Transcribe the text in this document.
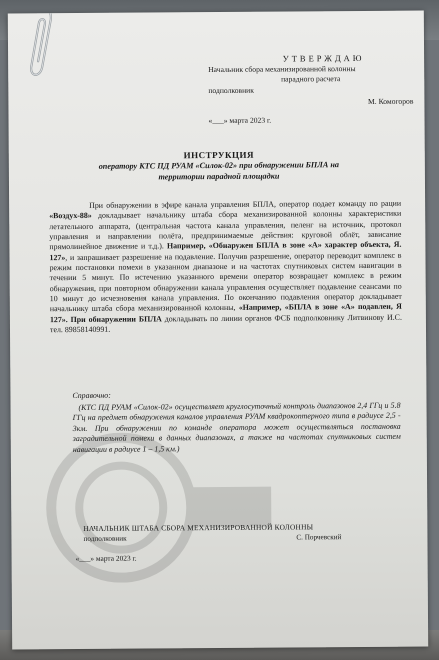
УТВЕРЖДАЮ
Начальник сбора механизированной колонны
парадного расчета
подполковник
М. Комогоров
«___» марта 2023 г.
ИНСТРУКЦИЯ
оператору КТС ПД РУАМ «Силок-02» при обнаружении БПЛА на
территории парадной площадки
При обнаружении в эфире канала управления БПЛА, оператор подает команду по рации «Воздух-88» докладывает начальнику штаба сбора механизированной колонны характеристики летательного аппарата, (центральная частота канала управления, пеленг на источник, протокол управления и направлении полёта, предпринимаемые действия: круговой облёт, зависание прямолинейное движение и т.д.). Например, «Обнаружен БПЛА в зоне «А» характер объекта, Я. 127», и запрашивает разрешение на подавление. Получив разрешение, оператор переводит комплекс в режим постановки помехи в указанном диапазоне и на частотах спутниковых систем навигации в течении 5 минут. По истечению указанного времени оператор возвращает комплекс в режим обнаружения, при повторном обнаружении канала управления осуществляет подавление сеансами по 10 минут до исчезновения канала управления. По окончанию подавления оператор докладывает начальнику штаба сбора механизированной колонны, «Например, «БПЛА в зоне «А» подавлен, Я 127». При обнаружении БПЛА докладывать по линии органов ФСБ подполковнику Литвинову И.С. тел. 89858140991.
Справочно:
(КТС ПД РУАМ «Силок-02» осуществляет круглосуточный контроль диапазонов 2,4 ГГц и 5.8 ГГц на предмет обнаружения каналов управления РУАМ квадрокоптерного типа в радиусе 2,5 - 3км. При обнаружении по команде оператора может осуществляться постановка заградительной помехи в данных диапазонах, а также на частотах спутниковых систем навигации в радиусе 1 – 1,5 км.)
НАЧАЛЬНИК ШТАБА СБОРА МЕХАНИЗИРОВАННОЙ КОЛОННЫ
подполковник	С. Порчевский
«___» марта 2023 г.
